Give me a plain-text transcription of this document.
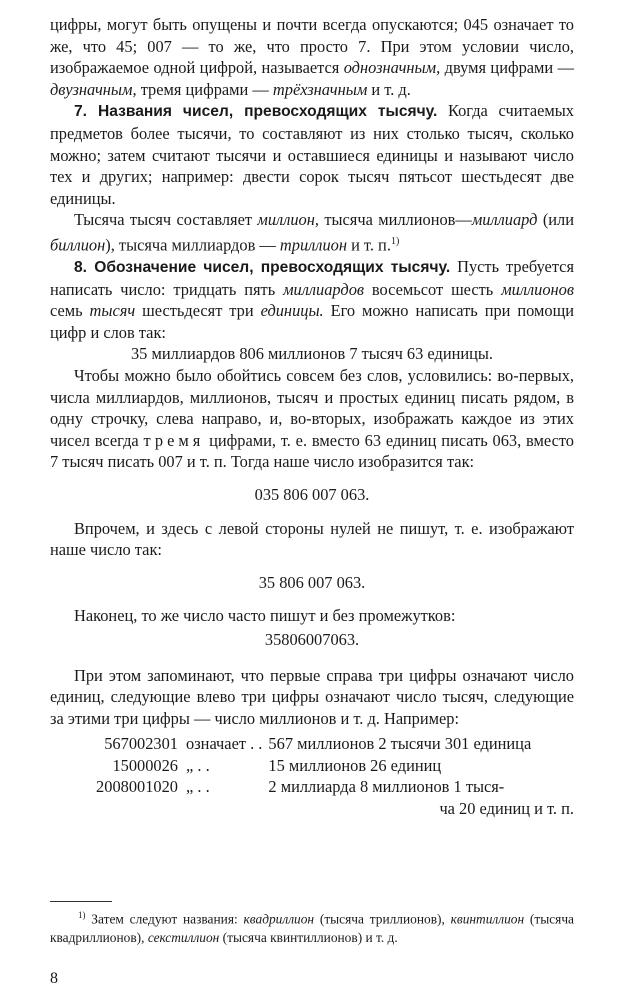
цифры, могут быть опущены и почти всегда опускаются; 045 означает то же, что 45; 007 — то же, что просто 7. При этом условии число, изображаемое одной цифрой, называется однозначным, двумя цифрами — двузначным, тремя цифрами — трёхзначным и т. д.

7. Названия чисел, превосходящих тысячу. Когда считаемых предметов более тысячи, то составляют из них столько тысяч, сколько можно; затем считают тысячи и оставшиеся единицы и называют число тех и других; например: двести сорок тысяч пятьсот шестьдесят две единицы.

Тысяча тысяч составляет миллион, тысяча миллионов—миллиард (или биллион), тысяча миллиардов — триллион и т. п.$^{1)}$

8. Обозначение чисел, превосходящих тысячу. Пусть требуется написать число: тридцать пять миллиардов восемьсот шесть миллионов семь тысяч шестьдесят три единицы. Его можно написать при помощи цифр и слов так:

35 миллиардов 806 миллионов 7 тысяч 63 единицы.

Чтобы можно было обойтись совсем без слов, условились: во-первых, числа миллиардов, миллионов, тысяч и простых единиц писать рядом, в одну строчку, слева направо, и, во-вторых, изображать каждое из этих чисел всегда тремя цифрами, т. е. вместо 63 единиц писать 063, вместо 7 тысяч писать 007 и т. п. Тогда наше число изобразится так:

035 806 007 063.

Впрочем, и здесь с левой стороны нулей не пишут, т. е. изображают наше число так:

35 806 007 063.

Наконец, то же число часто пишут и без промежутков:

35806007063.

При этом запоминают, что первые справа три цифры означают число единиц, следующие влево три цифры означают число тысяч, следующие за этими три цифры — число миллионов и т. д. Например:

567002301	означает . .	567 миллионов 2 тысячи 301 единица
15000026	„ . .	15 миллионов 26 единиц
2008001020	„ . .	2 миллиарда 8 миллионов 1 тыся-
		ча 20 единиц и т. п.

$^{1)}$ Затем следуют названия: квадриллион (тысяча триллионов), квинтиллион (тысяча квадриллионов), секстиллион (тысяча квинтиллионов) и т. д.

8
